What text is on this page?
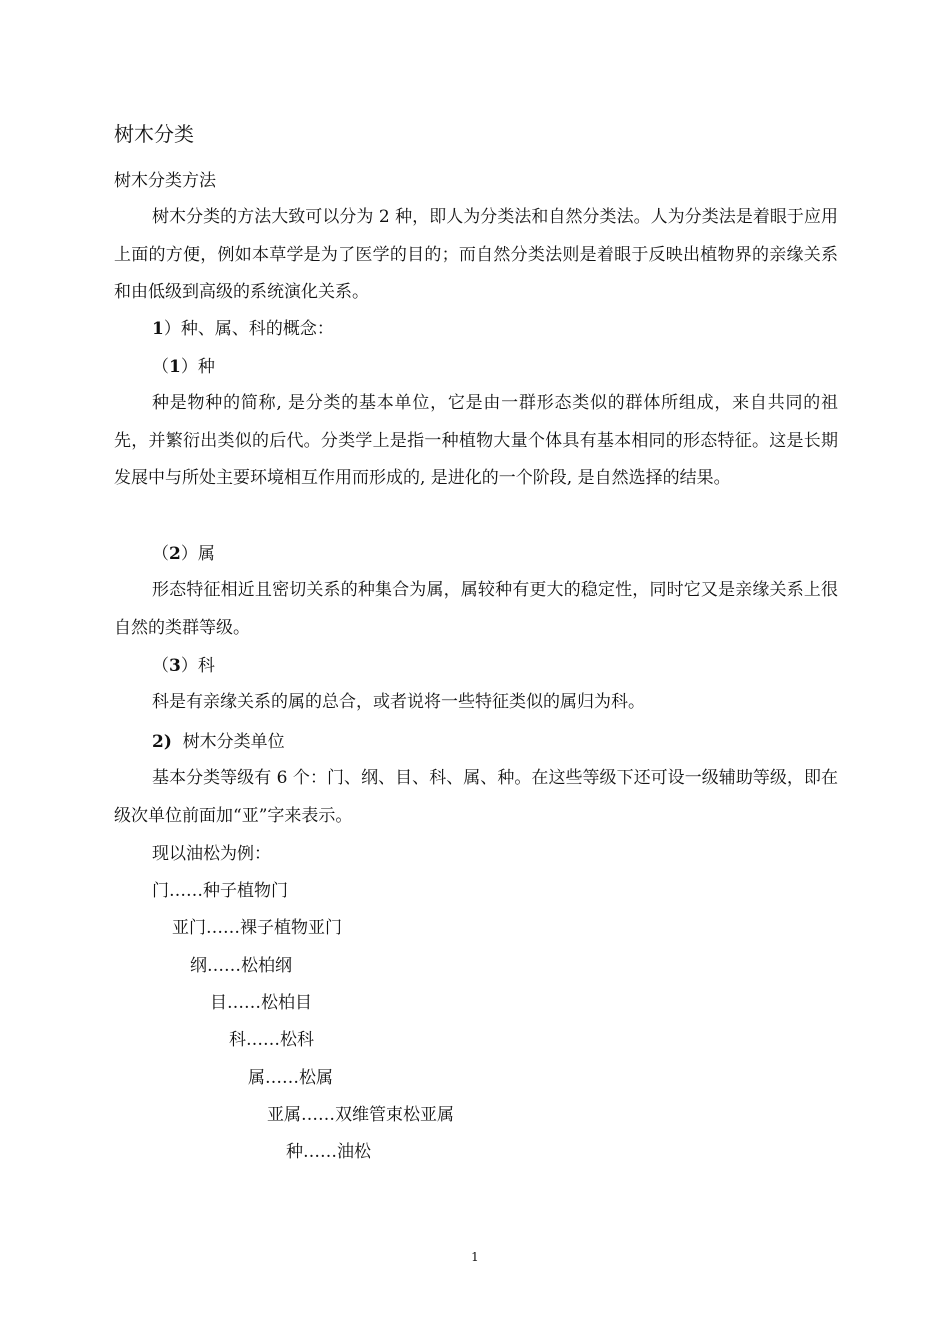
树木分类
树木分类方法

树木分类的方法大致可以分为 2 种，即人为分类法和自然分类法。人为分类法是着眼于应用上面的方便，例如本草学是为了医学的目的；而自然分类法则是着眼于反映出植物界的亲缘关系和由低级到高级的系统演化关系。

1）种、属、科的概念：
（1）种

种是物种的简称, 是分类的基本单位，它是由一群形态类似的群体所组成，来自共同的祖先，并繁衍出类似的后代。分类学上是指一种植物大量个体具有基本相同的形态特征。这是长期发展中与所处主要环境相互作用而形成的, 是进化的一个阶段, 是自然选择的结果。

（2）属

形态特征相近且密切关系的种集合为属，属较种有更大的稳定性，同时它又是亲缘关系上很自然的类群等级。

（3）科

科是有亲缘关系的属的总合，或者说将一些特征类似的属归为科。

2) 树木分类单位

基本分类等级有 6 个：门、纲、目、科、属、种。在这些等级下还可设一级辅助等级，即在级次单位前面加“亚”字来表示。

现以油松为例：
门……种子植物门
亚门……裸子植物亚门
纲……松柏纲
目……松柏目
科……松科
属……松属
亚属……双维管束松亚属
种……油松
1
